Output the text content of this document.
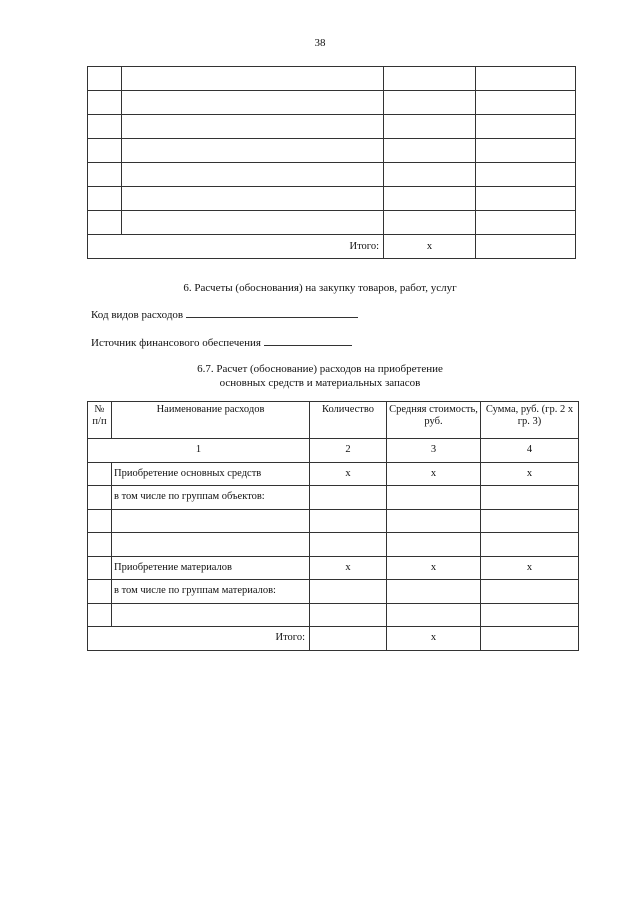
38

Итого:		x	
6. Расчеты (обоснования) на закупку товаров, работ, услуг
Код видов расходов
Источник финансового обеспечения
6.7. Расчет (обоснование) расходов на приобретение
основных средств и материальных запасов
№ п/п	Наименование расходов	Количество	Средняя стоимость, руб.	Сумма, руб. (гр. 2 х гр. 3)
1		2	3	4
	Приобретение основных средств	x	x	x
	в том числе по группам объектов:			

	Приобретение материалов	x	x	x
	в том числе по группам материалов:			

Итого:			x	
